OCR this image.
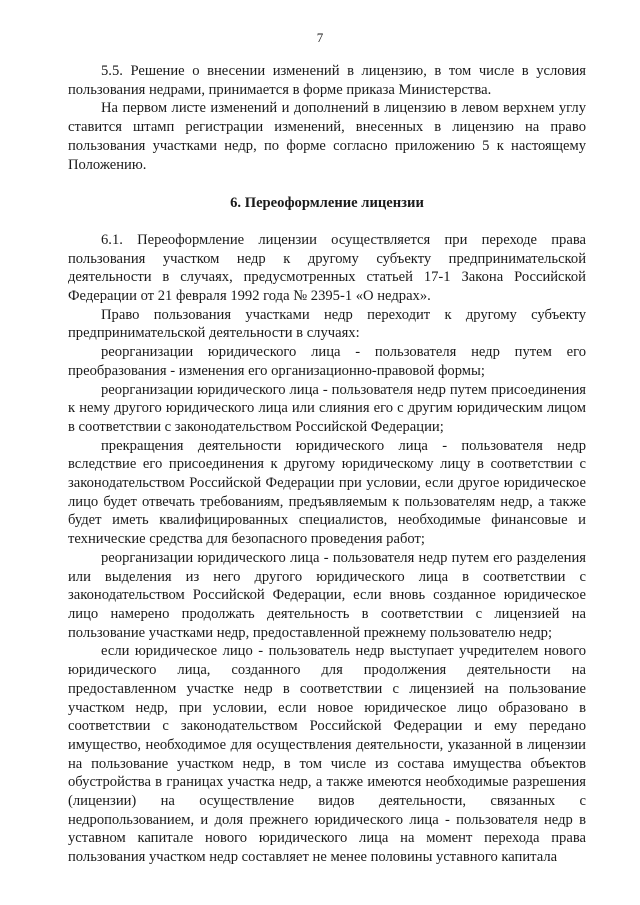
7

5.5. Решение о внесении изменений в лицензию, в том числе в условия пользования недрами, принимается в форме приказа Министерства.

На первом листе изменений и дополнений в лицензию в левом верхнем углу ставится штамп регистрации изменений, внесенных в лицензию на право пользования участками недр, по форме согласно приложению 5 к настоящему Положению.

6. Переоформление лицензии

6.1. Переоформление лицензии осуществляется при переходе права пользования участком недр к другому субъекту предпринимательской деятельности в случаях, предусмотренных статьей 17-1 Закона Российской Федерации от 21 февраля 1992 года № 2395-1 «О недрах».

Право пользования участками недр переходит к другому субъекту предпринимательской деятельности в случаях:

реорганизации юридического лица - пользователя недр путем его преобразования - изменения его организационно-правовой формы;

реорганизации юридического лица - пользователя недр путем присоединения к нему другого юридического лица или слияния его с другим юридическим лицом в соответствии с законодательством Российской Федерации;

прекращения деятельности юридического лица - пользователя недр вследствие его присоединения к другому юридическому лицу в соответствии с законодательством Российской Федерации при условии, если другое юридическое лицо будет отвечать требованиям, предъявляемым к пользователям недр, а также будет иметь квалифицированных специалистов, необходимые финансовые и технические средства для безопасного проведения работ;

реорганизации юридического лица - пользователя недр путем его разделения или выделения из него другого юридического лица в соответствии с законодательством Российской Федерации, если вновь созданное юридическое лицо намерено продолжать деятельность в соответствии с лицензией на пользование участками недр, предоставленной прежнему пользователю недр;

если юридическое лицо - пользователь недр выступает учредителем нового юридического лица, созданного для продолжения деятельности на предоставленном участке недр в соответствии с лицензией на пользование участком недр, при условии, если новое юридическое лицо образовано в соответствии с законодательством Российской Федерации и ему передано имущество, необходимое для осуществления деятельности, указанной в лицензии на пользование участком недр, в том числе из состава имущества объектов обустройства в границах участка недр, а также имеются необходимые разрешения (лицензии) на осуществление видов деятельности, связанных с недропользованием, и доля прежнего юридического лица - пользователя недр в уставном капитале нового юридического лица на момент перехода права пользования участком недр составляет не менее половины уставного капитала
